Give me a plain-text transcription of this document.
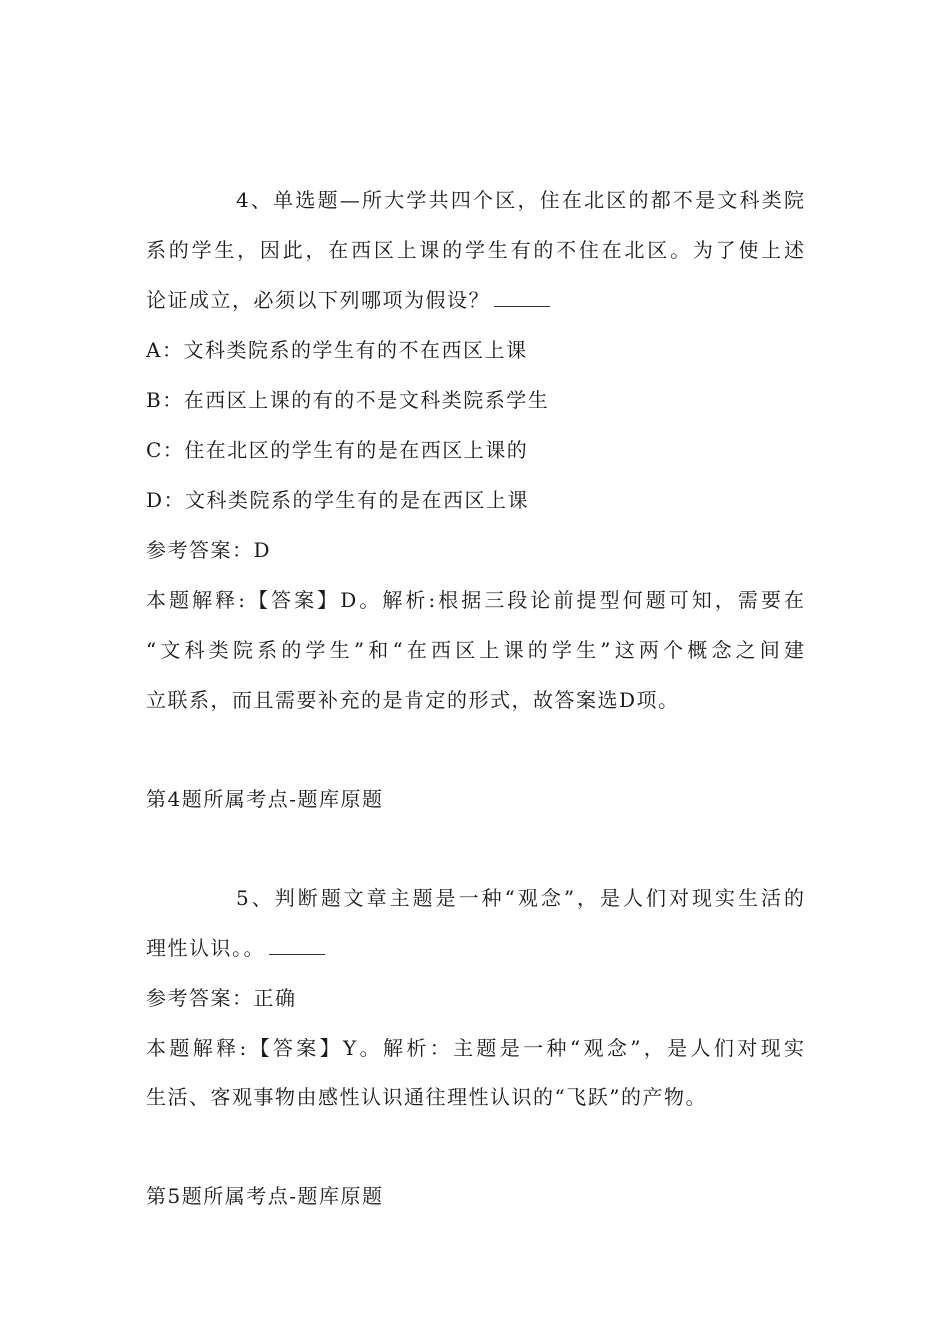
4、单选题—所大学共四个区，住在北区的都不是文科类院
系的学生，因此，在西区上课的学生有的不住在北区。为了使上述
论证成立，必须以下列哪项为假设？
A：文科类院系的学生有的不在西区上课
B：在西区上课的有的不是文科类院系学生
C：住在北区的学生有的是在西区上课的
D：文科类院系的学生有的是在西区上课
参考答案：D
本题解释:【答案】D。解析:根据三段论前提型何题可知，需要在
“文科类院系的学生”和“在西区上课的学生”这两个概念之间建
立联系，而且需要补充的是肯定的形式，故答案选D项。
第4题所属考点-题库原题
5、判断题文章主题是一种“观念”，是人们对现实生活的
理性认识。。
参考答案：正确
本题解释:【答案】Y。解析：主题是一种“观念”，是人们对现实
生活、客观事物由感性认识通往理性认识的“飞跃”的产物。
第5题所属考点-题库原题
